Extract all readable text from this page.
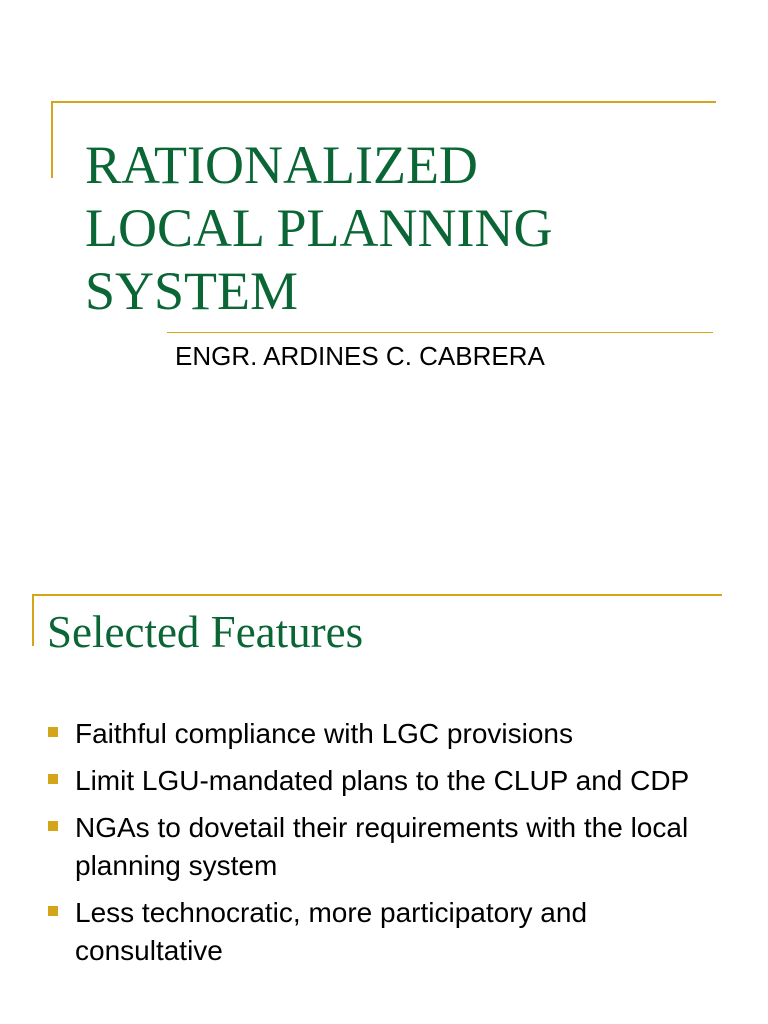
RATIONALIZED
LOCAL PLANNING
SYSTEM

ENGR. ARDINES C. CABRERA

Selected Features
Faithful compliance with LGC provisions
Limit LGU-mandated plans to the CLUP and CDP
NGAs to dovetail their requirements with the local planning system
Less technocratic, more participatory and consultative
